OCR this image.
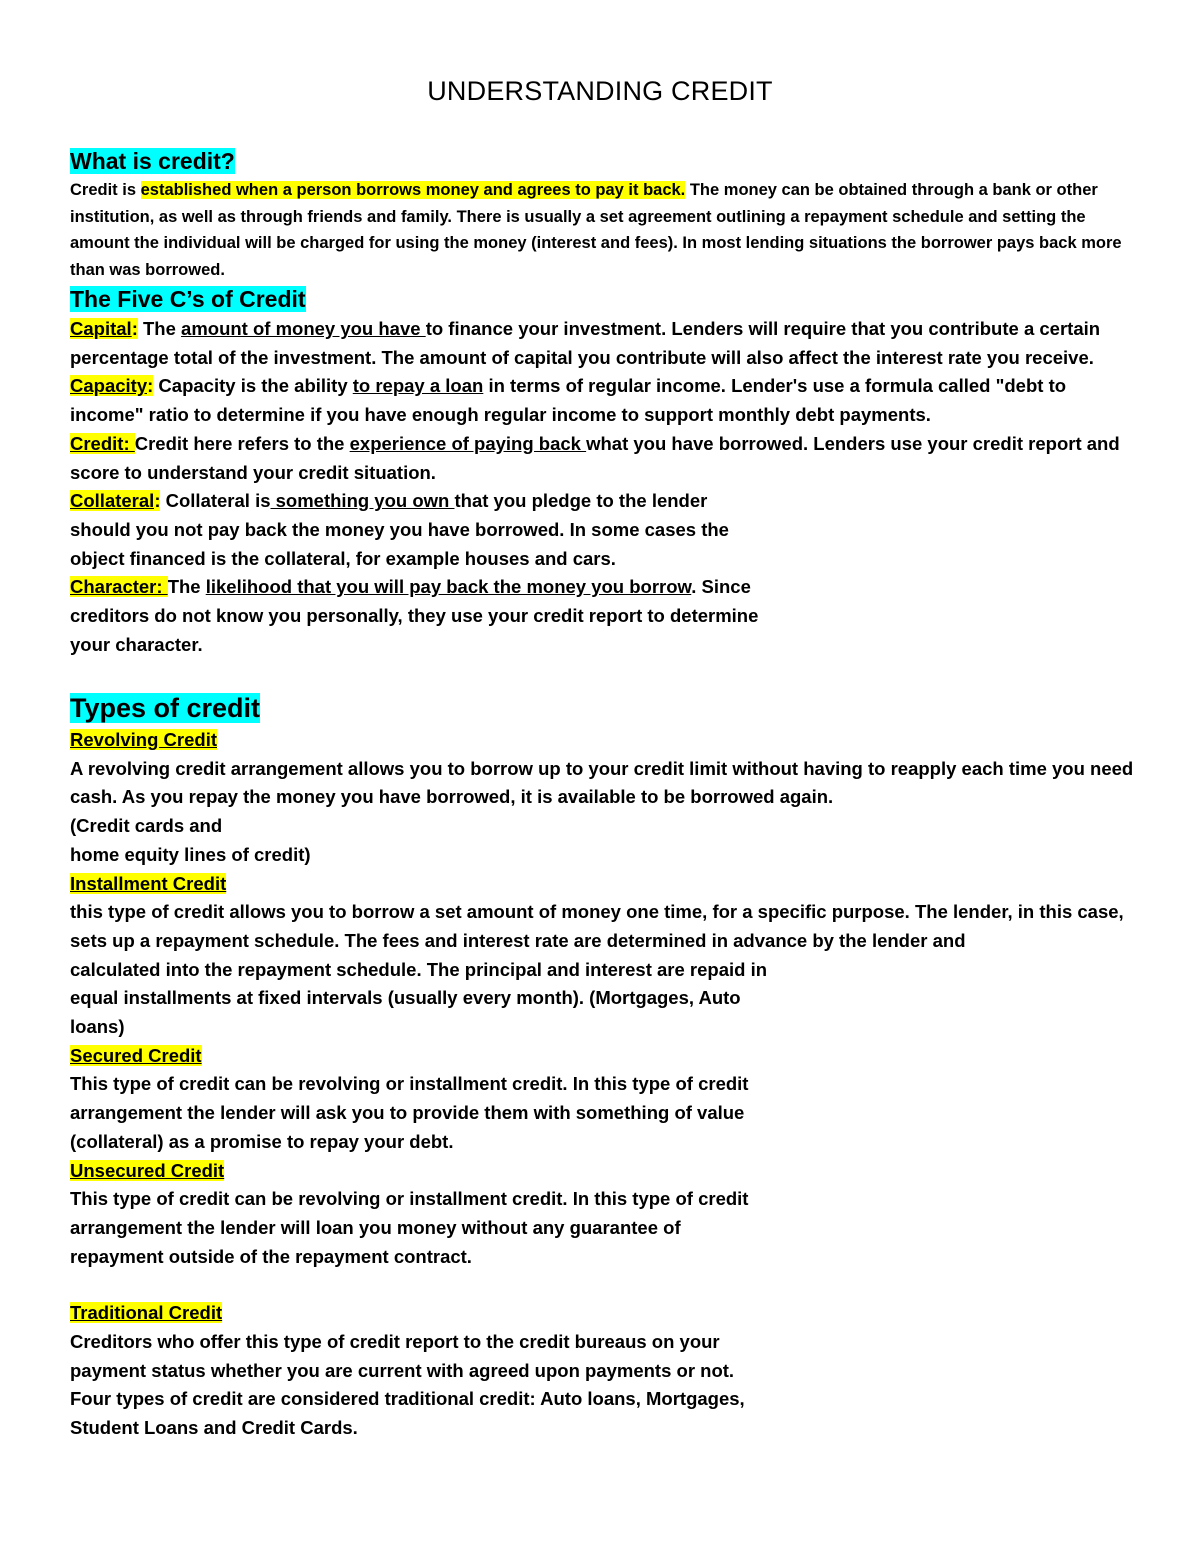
UNDERSTANDING CREDIT

What is credit?

Credit is established when a person borrows money and agrees to pay it back. The money can be obtained through a bank or other institution, as well as through friends and family. There is usually a set agreement outlining a repayment schedule and setting the amount the individual will be charged for using the money (interest and fees). In most lending situations the borrower pays back more than was borrowed.

The Five C’s of Credit

Capital: The amount of money you have to finance your investment. Lenders will require that you contribute a certain percentage total of the investment. The amount of capital you contribute will also affect the interest rate you receive.

Capacity: Capacity is the ability to repay a loan in terms of regular income. Lender's use a formula called "debt to income" ratio to determine if you have enough regular income to support monthly debt payments.

Credit: Credit here refers to the experience of paying back what you have borrowed. Lenders use your credit report and score to understand your credit situation.

Collateral: Collateral is something you own that you pledge to the lender

should you not pay back the money you have borrowed. In some cases the

object financed is the collateral, for example houses and cars.

Character: The likelihood that you will pay back the money you borrow. Since

creditors do not know you personally, they use your credit report to determine

your character.

Types of credit

Revolving Credit

A revolving credit arrangement allows you to borrow up to your credit limit without having to reapply each time you need cash. As you repay the money you have borrowed, it is available to be borrowed again.

(Credit cards and

home equity lines of credit)

Installment Credit

this type of credit allows you to borrow a set amount of money one time, for a specific purpose. The lender, in this case, sets up a repayment schedule. The fees and interest rate are determined in advance by the lender and

calculated into the repayment schedule. The principal and interest are repaid in

equal installments at fixed intervals (usually every month). (Mortgages, Auto

loans)

Secured Credit

This type of credit can be revolving or installment credit. In this type of credit

arrangement the lender will ask you to provide them with something of value

(collateral) as a promise to repay your debt.

Unsecured Credit

This type of credit can be revolving or installment credit. In this type of credit

arrangement the lender will loan you money without any guarantee of

repayment outside of the repayment contract.

Traditional Credit

Creditors who offer this type of credit report to the credit bureaus on your

payment status whether you are current with agreed upon payments or not.

Four types of credit are considered traditional credit: Auto loans, Mortgages,

Student Loans and Credit Cards.
